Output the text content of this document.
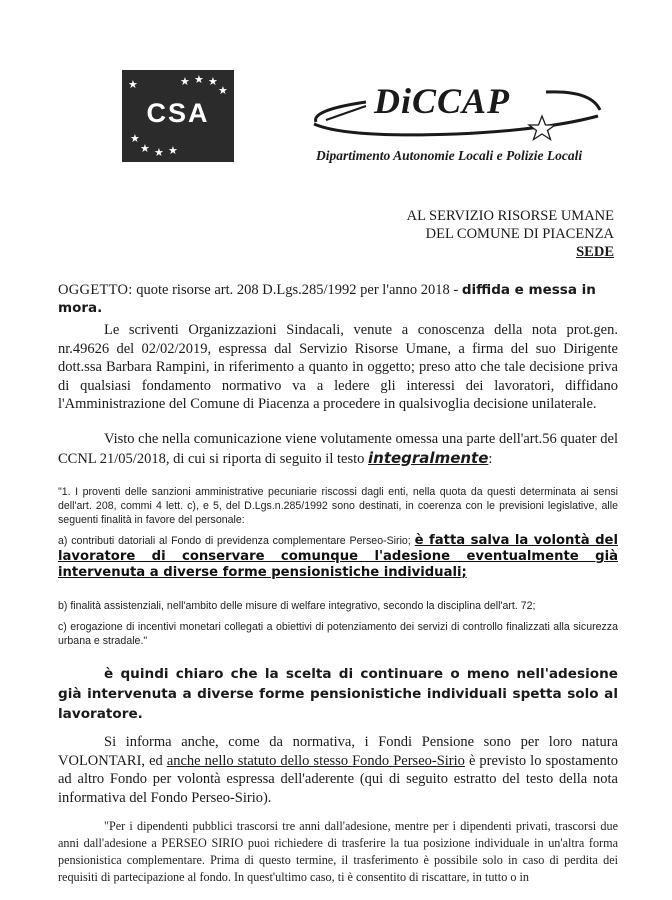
★ ★ ★
★
★
★ ★ ★
★
CSA	DiCCAP
Dipartimento Autonomie Locali e Polizie Locali
AL SERVIZIO RISORSE UMANE
DEL COMUNE DI PIACENZA
SEDE
OGGETTO: quote risorse art. 208 D.Lgs.285/1992 per l'anno 2018 - diffida e messa in mora.
Le scriventi Organizzazioni Sindacali, venute a conoscenza della nota prot.gen. nr.49626 del 02/02/2019, espressa dal Servizio Risorse Umane, a firma del suo Dirigente dott.ssa Barbara Rampini, in riferimento a quanto in oggetto; preso atto che tale decisione priva di qualsiasi fondamento normativo va a ledere gli interessi dei lavoratori, diffidano l'Amministrazione del Comune di Piacenza a procedere in qualsivoglia decisione unilaterale.
Visto che nella comunicazione viene volutamente omessa una parte dell'art.56 quater del CCNL 21/05/2018, di cui si riporta di seguito il testo integralmente:
"1. I proventi delle sanzioni amministrative pecuniarie riscossi dagli enti, nella quota da questi determinata ai sensi dell'art. 208, commi 4 lett. c), e 5, del D.Lgs.n.285/1992 sono destinati, in coerenza con le previsioni legislative, alle seguenti finalità in favore del personale:
a) contributi datoriali al Fondo di previdenza complementare Perseo-Sirio; è fatta salva la volontà del lavoratore di conservare comunque l'adesione eventualmente già intervenuta a diverse forme pensionistiche individuali;
b) finalità assistenziali, nell'ambito delle misure di welfare integrativo, secondo la disciplina dell'art. 72;
c) erogazione di incentivi monetari collegati a obiettivi di potenziamento dei servizi di controllo finalizzati alla sicurezza urbana e stradale."
è quindi chiaro che la scelta di continuare o meno nell'adesione già intervenuta a diverse forme pensionistiche individuali spetta solo al lavoratore.
Si informa anche, come da normativa, i Fondi Pensione sono per loro natura VOLONTARI, ed anche nello statuto dello stesso Fondo Perseo-Sirio è previsto lo spostamento ad altro Fondo per volontà espressa dell'aderente (qui di seguito estratto del testo della nota informativa del Fondo Perseo-Sirio).
"Per i dipendenti pubblici trascorsi tre anni dall'adesione, mentre per i dipendenti privati, trascorsi due anni dall'adesione a PERSEO SIRIO puoi richiedere di trasferire la tua posizione individuale in un'altra forma pensionistica complementare. Prima di questo termine, il trasferimento è possibile solo in caso di perdita dei requisiti di partecipazione al fondo. In quest'ultimo caso, ti è consentito di riscattare, in tutto o in
